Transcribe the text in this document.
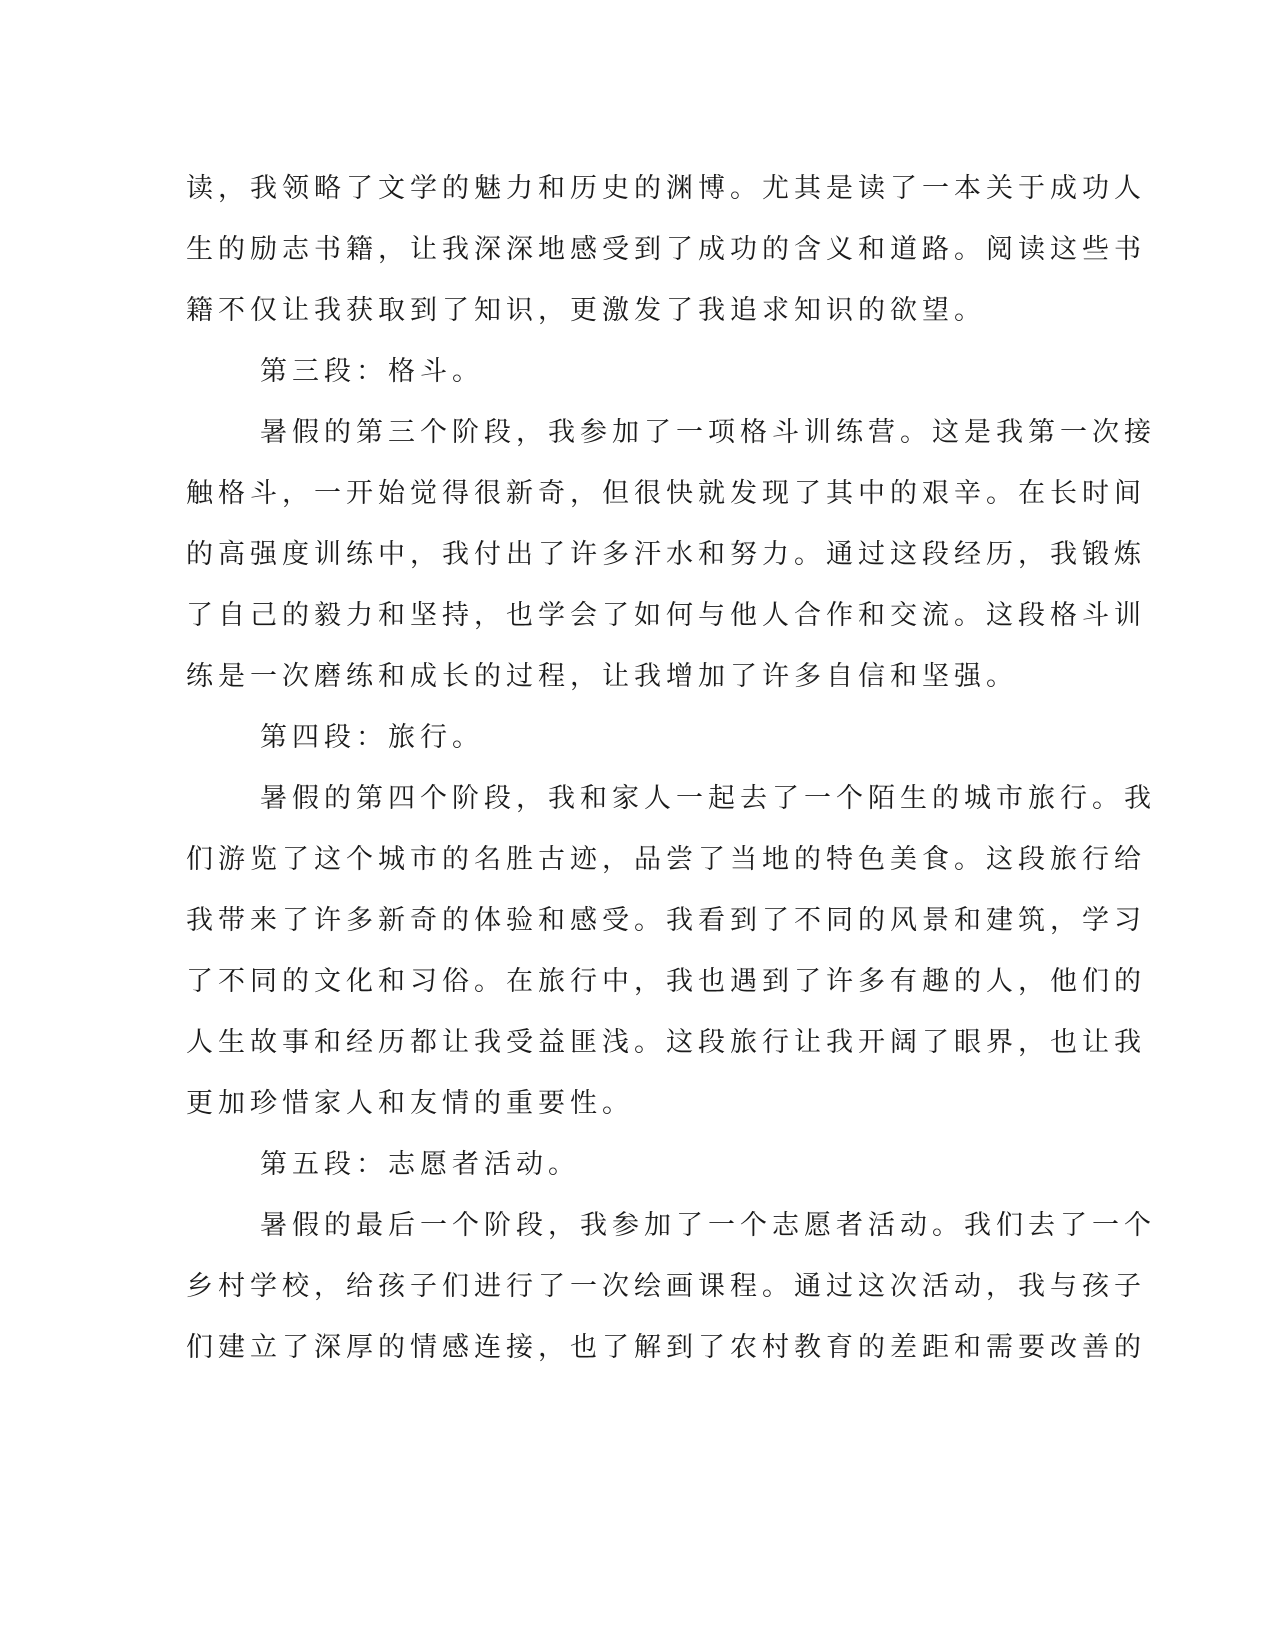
读，我领略了文学的魅力和历史的渊博。尤其是读了一本关于成功人
生的励志书籍，让我深深地感受到了成功的含义和道路。阅读这些书
籍不仅让我获取到了知识，更激发了我追求知识的欲望。
第三段：格斗。
暑假的第三个阶段，我参加了一项格斗训练营。这是我第一次接
触格斗，一开始觉得很新奇，但很快就发现了其中的艰辛。在长时间
的高强度训练中，我付出了许多汗水和努力。通过这段经历，我锻炼
了自己的毅力和坚持，也学会了如何与他人合作和交流。这段格斗训
练是一次磨练和成长的过程，让我增加了许多自信和坚强。
第四段：旅行。
暑假的第四个阶段，我和家人一起去了一个陌生的城市旅行。我
们游览了这个城市的名胜古迹，品尝了当地的特色美食。这段旅行给
我带来了许多新奇的体验和感受。我看到了不同的风景和建筑，学习
了不同的文化和习俗。在旅行中，我也遇到了许多有趣的人，他们的
人生故事和经历都让我受益匪浅。这段旅行让我开阔了眼界，也让我
更加珍惜家人和友情的重要性。
第五段：志愿者活动。
暑假的最后一个阶段，我参加了一个志愿者活动。我们去了一个
乡村学校，给孩子们进行了一次绘画课程。通过这次活动，我与孩子
们建立了深厚的情感连接，也了解到了农村教育的差距和需要改善的
